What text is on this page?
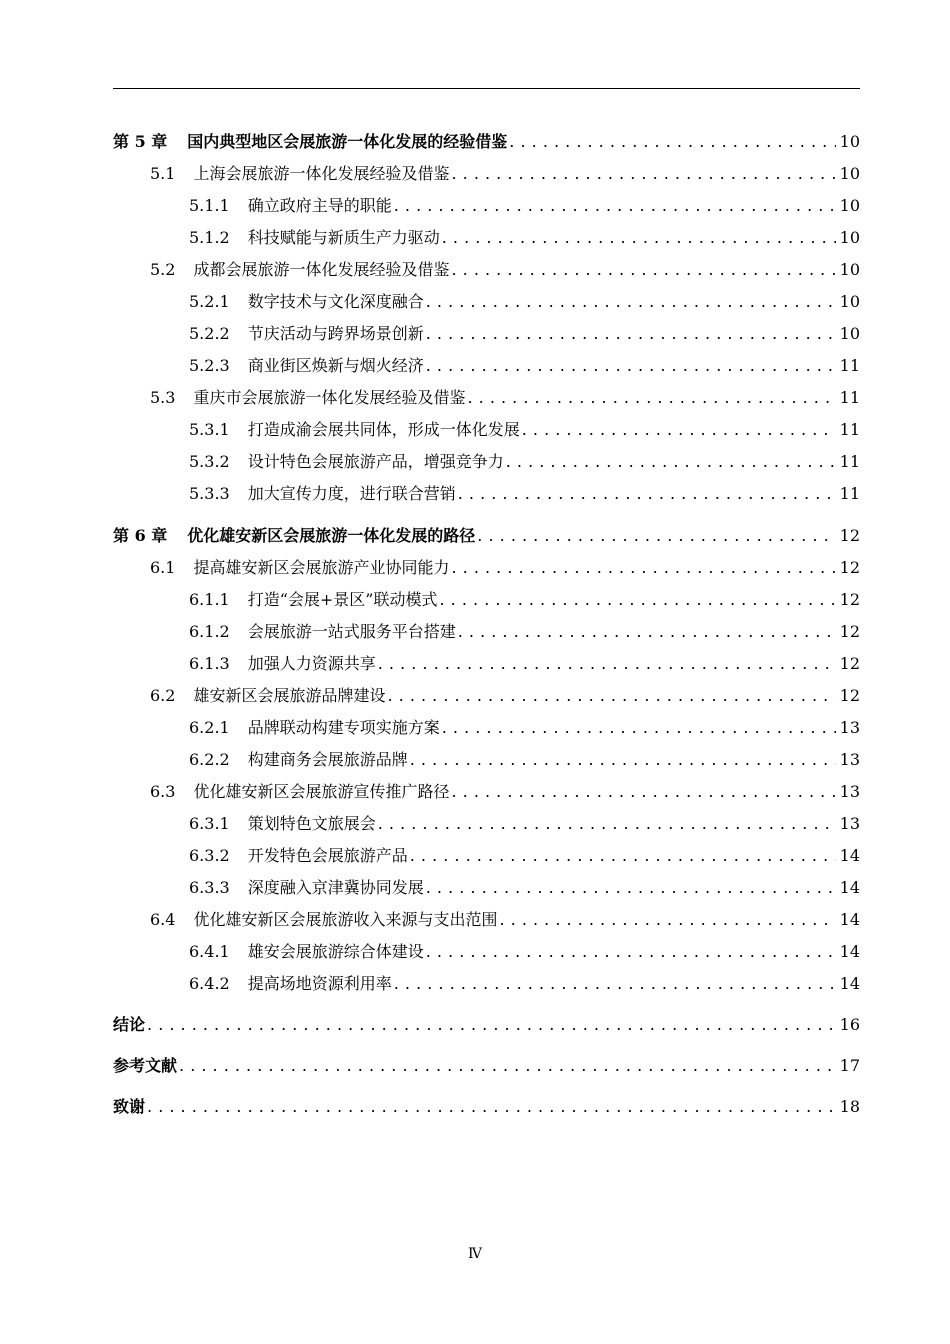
第 5 章 国内典型地区会展旅游一体化发展的经验借鉴 . . .	10
5.1 上海会展旅游一体化发展经验及借鉴 . . .	10
5.1.1 确立政府主导的职能 . . .	10
5.1.2 科技赋能与新质生产力驱动 . . .	10
5.2 成都会展旅游一体化发展经验及借鉴 . . .	10
5.2.1 数字技术与文化深度融合 . . .	10
5.2.2 节庆活动与跨界场景创新 . . .	10
5.2.3 商业街区焕新与烟火经济 . . .	11
5.3 重庆市会展旅游一体化发展经验及借鉴 . . .	11
5.3.1 打造成渝会展共同体，形成一体化发展 . . .	11
5.3.2 设计特色会展旅游产品，增强竞争力 . . .	11
5.3.3 加大宣传力度，进行联合营销 . . .	11
第 6 章 优化雄安新区会展旅游一体化发展的路径 . . .	12
6.1 提高雄安新区会展旅游产业协同能力 . . .	12
6.1.1 打造“会展+景区”联动模式 . . .	12
6.1.2 会展旅游一站式服务平台搭建 . . .	12
6.1.3 加强人力资源共享 . . .	12
6.2 雄安新区会展旅游品牌建设 . . .	12
6.2.1 品牌联动构建专项实施方案 . . .	13
6.2.2 构建商务会展旅游品牌 . . .	13
6.3 优化雄安新区会展旅游宣传推广路径 . . .	13
6.3.1 策划特色文旅展会 . . .	13
6.3.2 开发特色会展旅游产品 . . .	14
6.3.3 深度融入京津冀协同发展 . . .	14
6.4 优化雄安新区会展旅游收入来源与支出范围 . . .	14
6.4.1 雄安会展旅游综合体建设 . . .	14
6.4.2 提高场地资源利用率 . . .	14
结论 . . .	16
参考文献 . . .	17
致谢 . . .	18
Ⅳ
